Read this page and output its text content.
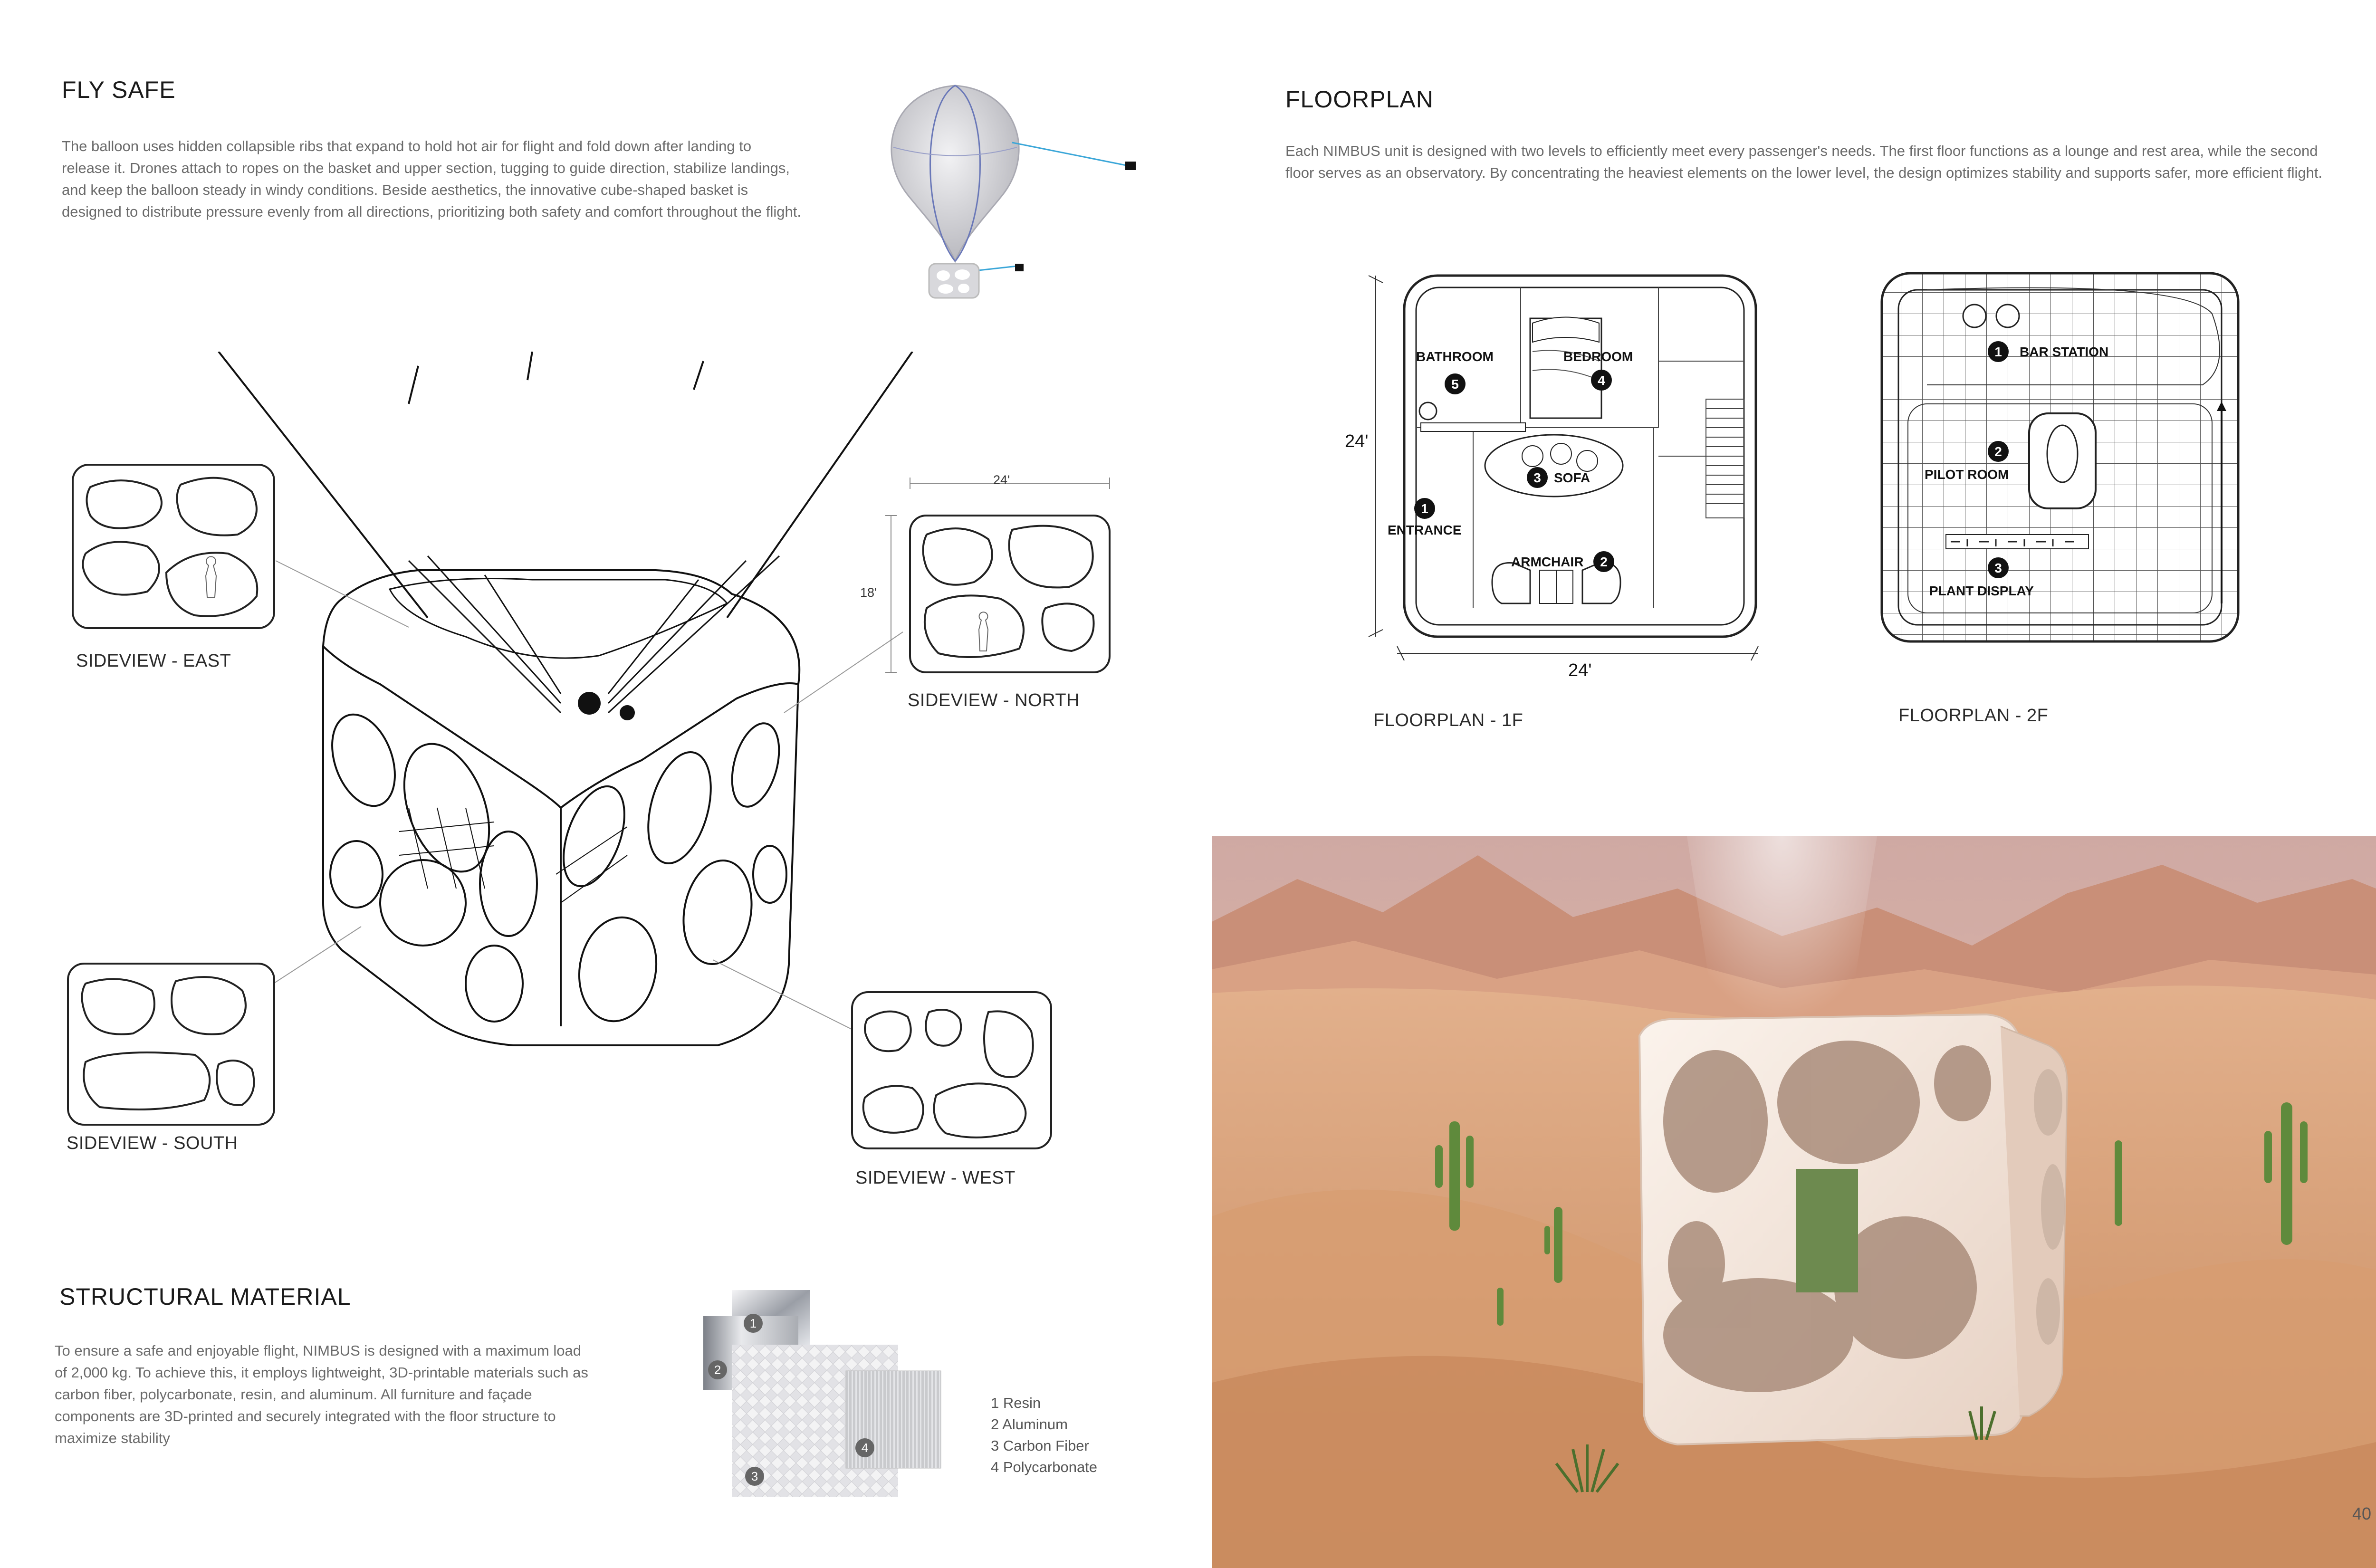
FLY SAFE

The balloon uses hidden collapsible ribs that expand to hold hot air for flight and fold down after landing to release it. Drones attach to ropes on the basket and upper section, tugging to guide direction, stabilize landings, and keep the balloon steady in windy conditions. Beside aesthetics, the innovative cube-shaped basket is designed to distribute pressure evenly from all directions, prioritizing both safety and comfort throughout the flight.

SIDEVIEW - EAST
24'
18'
SIDEVIEW - NORTH
SIDEVIEW - SOUTH
SIDEVIEW - WEST
STRUCTURAL MATERIAL

To ensure a safe and enjoyable flight, NIMBUS is designed with a maximum load of 2,000 kg. To achieve this, it employs lightweight, 3D-printable materials such as carbon fiber, polycarbonate, resin, and aluminum. All furniture and façade components are 3D-printed and securely integrated with the floor structure to maximize stability

1
2
3
4
1 Resin
2 Aluminum
3 Carbon Fiber
4 Polycarbonate
FLOORPLAN

Each NIMBUS unit is designed with two levels to efficiently meet every passenger's needs. The first floor functions as a lounge and rest area, while the second floor serves as an observatory. By concentrating the heaviest elements on the lower level, the design optimizes stability and supports safer, more efficient flight.

1
2
3
4
5
ENTRANCE
ARMCHAIR
SOFA
BEDROOM
BATHROOM
24'
24'
FLOORPLAN - 1F
1
2
3
BAR STATION
PILOT ROOM
PLANT DISPLAY
FLOORPLAN - 2F
40
